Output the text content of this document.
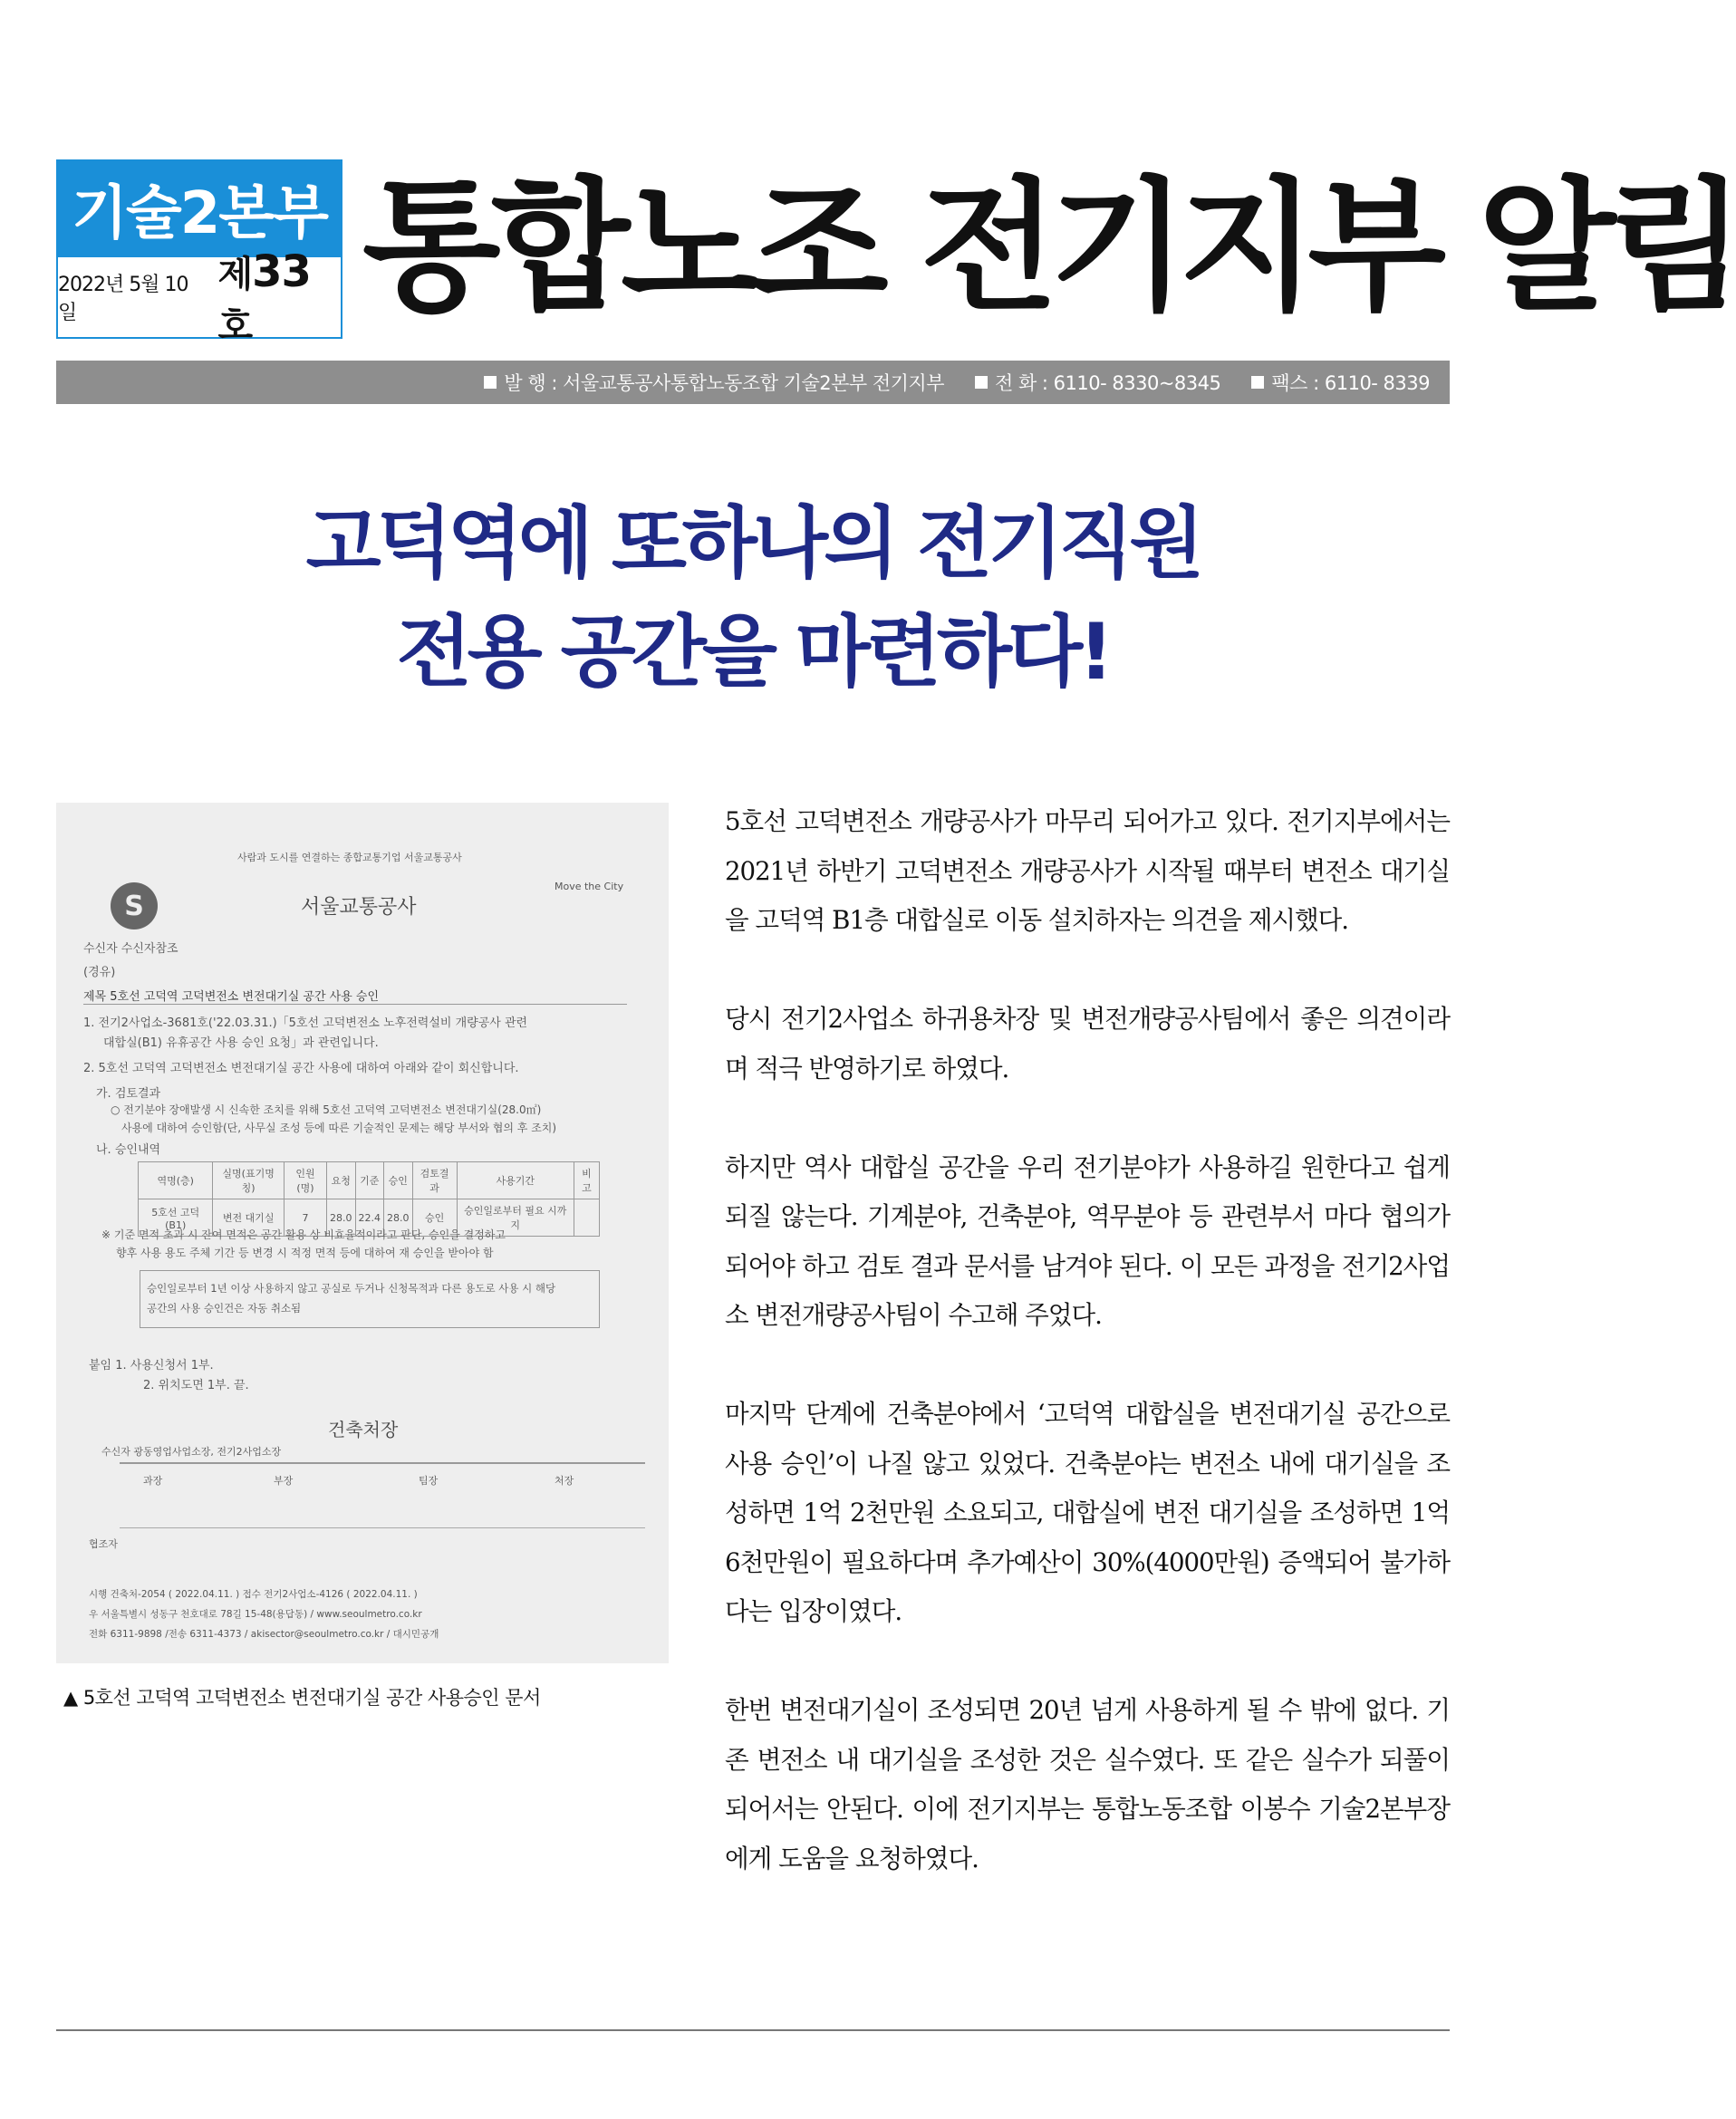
기술2본부
2022년 5월 10일
제33호 통합노조 전기지부 알림
발 행 : 서울교통공사통합노동조합 기술2본부 전기지부	전 화 : 6110- 8330~8345	팩스 : 6110- 8339
고덕역에 또하나의 전기직원
전용 공간을 마련하다!
사람과 도시를 연결하는 종합교통기업 서울교통공사
S	서울교통공사
Move the City
수신자 수신자참조
(경유)
제목 5호선 고덕역 고덕변전소 변전대기실 공간 사용 승인
1. 전기2사업소-3681호('22.03.31.)「5호선 고덕변전소 노후전력설비 개량공사 관련
대합실(B1) 유휴공간 사용 승인 요청」과 관련입니다.
2. 5호선 고덕역 고덕변전소 변전대기실 공간 사용에 대하여 아래와 같이 회신합니다.
가. 검토결과
○ 전기분야 장애발생 시 신속한 조치를 위해 5호선 고덕역 고덕변전소 변전대기실(28.0㎡)
사용에 대하여 승인함(단, 사무실 조성 등에 따른 기술적인 문제는 해당 부서와 협의 후 조치)
나. 승인내역
역명(층)	실명(표기명칭)	인원(명)	요청	기준	승인	검토결과	사용기간	비고
5호선 고덕(B1)	변전 대기실	7	28.0	22.4	28.0	승인	승인일로부터 필요 시까지	
※ 기준 면적 초과 시 잔여 면적은 공간 활용 상 비효율적이라고 판단, 승인을 결정하고
향후 사용 용도 주체 기간 등 변경 시 적정 면적 등에 대하여 재 승인을 받아야 함
승인일로부터 1년 이상 사용하지 않고 공실로 두거나 신청목적과 다른 용도로 사용 시 해당
공간의 사용 승인건은 자동 취소됨
붙임 1. 사용신청서 1부.
2. 위치도면 1부. 끝.
건축처장
수신자 광동영업사업소장, 전기2사업소장
과장	부장	팀장	처장
협조자
시행 건축처-2054 ( 2022.04.11. ) 접수 전기2사업소-4126 ( 2022.04.11. )
우 서울특별시 성동구 천호대로 78길 15-48(용답동) / www.seoulmetro.co.kr
전화 6311-9898 /전송 6311-4373 / akisector@seoulmetro.co.kr / 대시민공개
▲ 5호선 고덕역 고덕변전소 변전대기실 공간 사용승인 문서

5호선 고덕변전소 개량공사가 마무리 되어가고 있다. 전기지부에서는 2021년 하반기 고덕변전소 개량공사가 시작될 때부터 변전소 대기실을 고덕역 B1층 대합실로 이동 설치하자는 의견을 제시했다.

당시 전기2사업소 하귀용차장 및 변전개량공사팀에서 좋은 의견이라며 적극 반영하기로 하였다.

하지만 역사 대합실 공간을 우리 전기분야가 사용하길 원한다고 쉽게 되질 않는다. 기계분야, 건축분야, 역무분야 등 관련부서 마다 협의가 되어야 하고 검토 결과 문서를 남겨야 된다. 이 모든 과정을 전기2사업소 변전개량공사팀이 수고해 주었다.

마지막 단계에 건축분야에서 ‘고덕역 대합실을 변전대기실 공간으로 사용 승인’이 나질 않고 있었다. 건축분야는 변전소 내에 대기실을 조성하면 1억 2천만원 소요되고, 대합실에 변전 대기실을 조성하면 1억 6천만원이 필요하다며 추가예산이 30%(4000만원) 증액되어 불가하다는 입장이였다.

한번 변전대기실이 조성되면 20년 넘게 사용하게 될 수 밖에 없다. 기존 변전소 내 대기실을 조성한 것은 실수였다. 또 같은 실수가 되풀이 되어서는 안된다. 이에 전기지부는 통합노동조합 이봉수 기술2본부장에게 도움을 요청하였다.
